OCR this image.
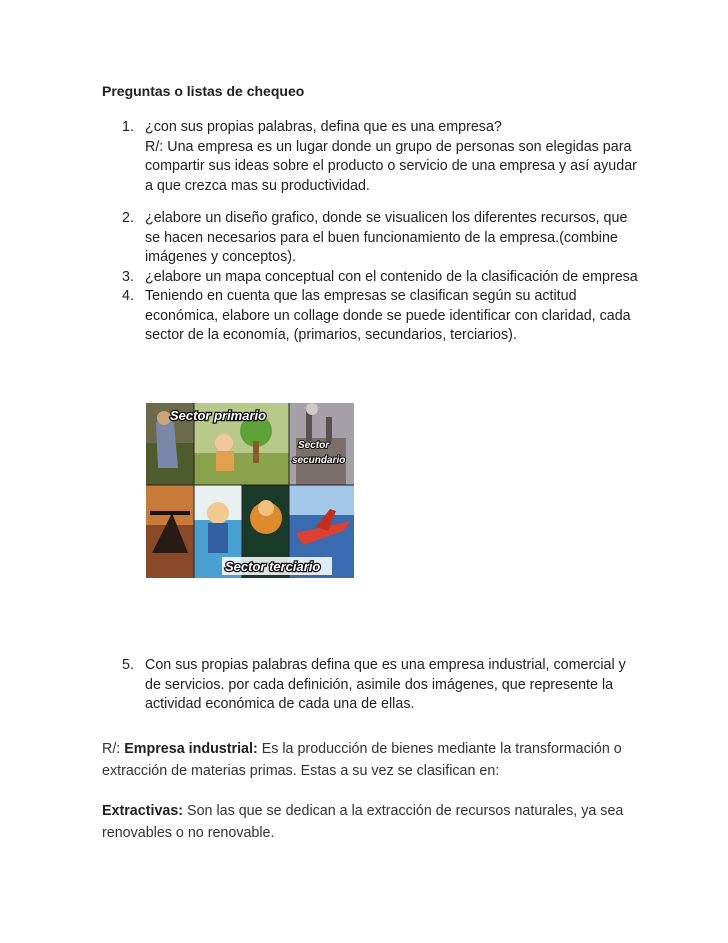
Preguntas o listas de chequeo
1. ¿con sus propias palabras, defina que es una empresa?
R/: Una empresa es un lugar donde un grupo de personas son elegidas para compartir sus ideas sobre el producto o servicio de una empresa y así ayudar a que crezca mas su productividad.
2. ¿elabore un diseño grafico, donde se visualicen los diferentes recursos, que se hacen necesarios para el buen funcionamiento de la empresa.(combine imágenes y conceptos).
3. ¿elabore un mapa conceptual con el contenido de la clasificación de empresa
4. Teniendo en cuenta que las empresas se clasifican según su actitud económica, elabore un collage donde se puede identificar con claridad, cada sector de la economía, (primarios, secundarios, terciarios).
Sector primario
Sector
secundario
Sector terciario
5. Con sus propias palabras defina que es una empresa industrial, comercial y de servicios. por cada definición, asimile dos imágenes, que represente la actividad económica de cada una de ellas.
R/: Empresa industrial: Es la producción de bienes mediante la transformación o extracción de materias primas. Estas a su vez se clasifican en:
Extractivas: Son las que se dedican a la extracción de recursos naturales, ya sea renovables o no renovable.
